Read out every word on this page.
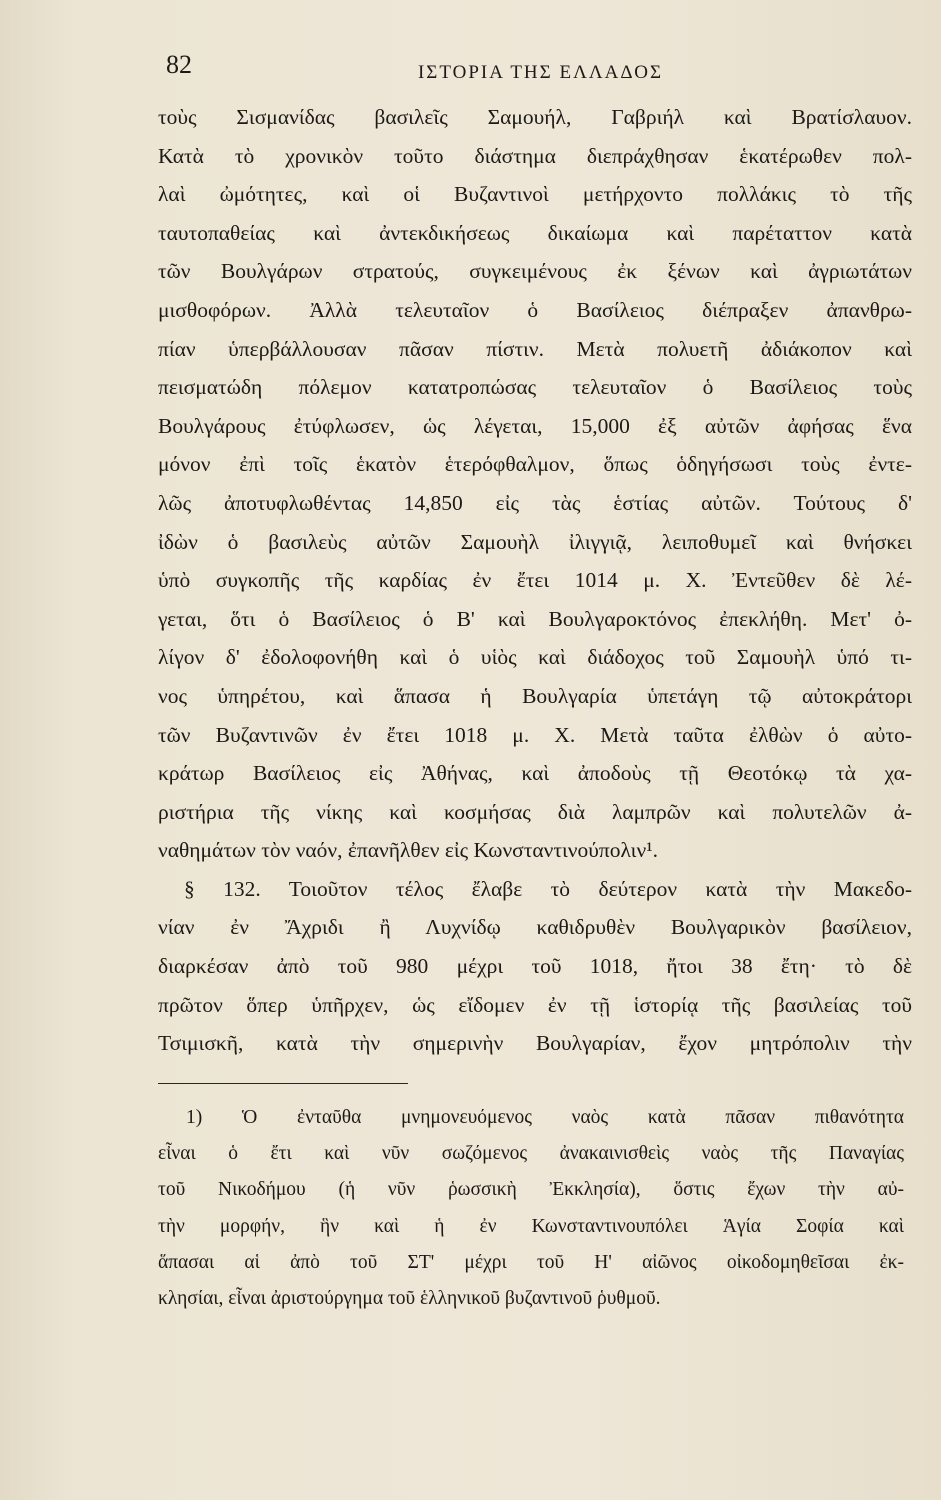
82	ΙΣΤΟΡΙΑ ΤΗΣ ΕΛΛΑΔΟΣ
τοὺς Σισμανίδας βασιλεῖς Σαμουήλ, Γαβριήλ καὶ Βρατίσλαυον.
Κατὰ τὸ χρονικὸν τοῦτο διάστημα διεπράχθησαν ἑκατέρωθεν πολ-
λαὶ ὠμότητες, καὶ οἱ Βυζαντινοὶ μετήρχοντο πολλάκις τὸ τῆς
ταυτοπαθείας καὶ ἀντεκδικήσεως δικαίωμα καὶ παρέταττον κατὰ
τῶν Βουλγάρων στρατούς, συγκειμένους ἐκ ξένων καὶ ἀγριωτάτων
μισθοφόρων. Ἀλλὰ τελευταῖον ὁ Βασίλειος διέπραξεν ἀπανθρω-
πίαν ὑπερβάλλουσαν πᾶσαν πίστιν. Μετὰ πολυετῆ ἀδιάκοπον καὶ
πεισματώδη πόλεμον κατατροπώσας τελευταῖον ὁ Βασίλειος τοὺς
Βουλγάρους ἐτύφλωσεν, ὡς λέγεται, 15,000 ἐξ αὐτῶν ἀφήσας ἕνα
μόνον ἐπὶ τοῖς ἑκατὸν ἑτερόφθαλμον, ὅπως ὁδηγήσωσι τοὺς ἐντε-
λῶς ἀποτυφλωθέντας 14,850 εἰς τὰς ἑστίας αὐτῶν. Τούτους δ'
ἰδὼν ὁ βασιλεὺς αὐτῶν Σαμουὴλ ἰλιγγιᾷ, λειποθυμεῖ καὶ θνήσκει
ὑπὸ συγκοπῆς τῆς καρδίας ἐν ἔτει 1014 μ. Χ. Ἐντεῦθεν δὲ λέ-
γεται, ὅτι ὁ Βασίλειος ὁ Β' καὶ Βουλγαροκτόνος ἐπεκλήθη. Μετ' ὀ-
λίγον δ' ἐδολοφονήθη καὶ ὁ υἱὸς καὶ διάδοχος τοῦ Σαμουὴλ ὑπό τι-
νος ὑπηρέτου, καὶ ἅπασα ἡ Βουλγαρία ὑπετάγη τῷ αὐτοκράτορι
τῶν Βυζαντινῶν ἐν ἔτει 1018 μ. Χ. Μετὰ ταῦτα ἐλθὼν ὁ αὐτο-
κράτωρ Βασίλειος εἰς Ἀθήνας, καὶ ἀποδοὺς τῇ Θεοτόκῳ τὰ χα-
ριστήρια τῆς νίκης καὶ κοσμήσας διὰ λαμπρῶν καὶ πολυτελῶν ἀ-
ναθημάτων τὸν ναόν, ἐπανῆλθεν εἰς Κωνσταντινούπολιν¹.
§ 132. Τοιοῦτον τέλος ἔλαβε τὸ δεύτερον κατὰ τὴν Μακεδο-
νίαν ἐν Ἄχριδι ἢ Λυχνίδῳ καθιδρυθὲν Βουλγαρικὸν βασίλειον,
διαρκέσαν ἀπὸ τοῦ 980 μέχρι τοῦ 1018, ἤτοι 38 ἔτη· τὸ δὲ
πρῶτον ὅπερ ὑπῆρχεν, ὡς εἴδομεν ἐν τῇ ἱστορίᾳ τῆς βασιλείας τοῦ
Τσιμισκῆ, κατὰ τὴν σημερινὴν Βουλγαρίαν, ἔχον μητρόπολιν τὴν
1) Ὁ ἐνταῦθα μνημονευόμενος ναὸς κατὰ πᾶσαν πιθανότητα
εἶναι ὁ ἔτι καὶ νῦν σωζόμενος ἀνακαινισθεὶς ναὸς τῆς Παναγίας
τοῦ Νικοδήμου (ἡ νῦν ῥωσσικὴ Ἐκκλησία), ὅστις ἔχων τὴν αὐ-
τὴν μορφήν, ἣν καὶ ἡ ἐν Κωνσταντινουπόλει Ἁγία Σοφία καὶ
ἅπασαι αἱ ἀπὸ τοῦ ΣΤ' μέχρι τοῦ Η' αἰῶνος οἰκοδομηθεῖσαι ἐκ-
κλησίαι, εἶναι ἀριστούργημα τοῦ ἑλληνικοῦ βυζαντινοῦ ῥυθμοῦ.
